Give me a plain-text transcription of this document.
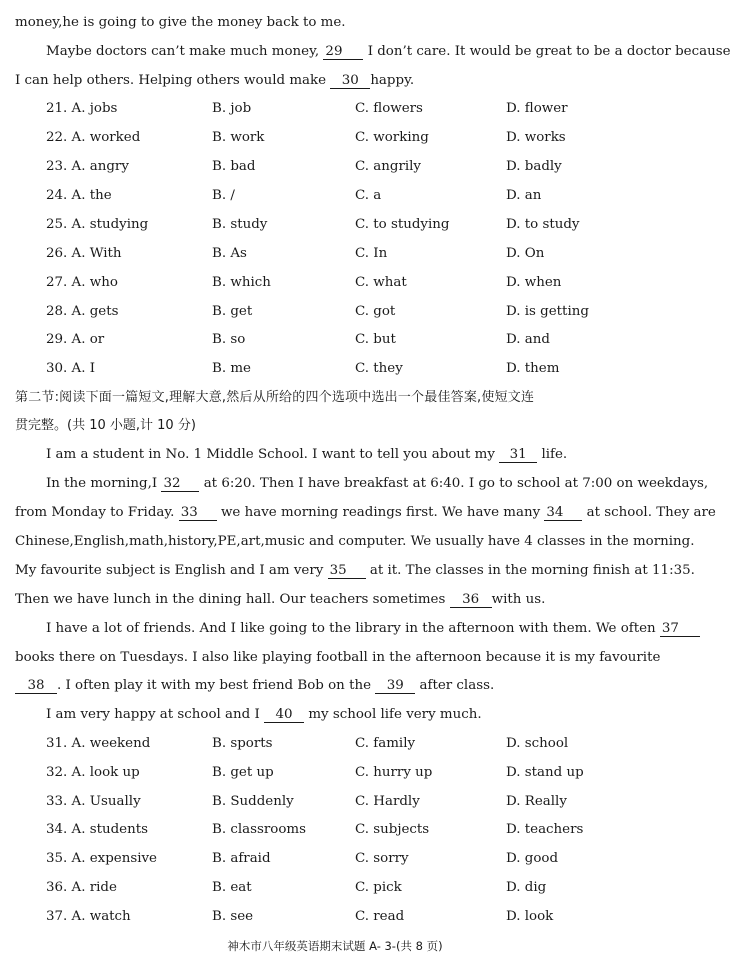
money,he is going to give the money back to me.
Maybe doctors can’t make much money, 29 I don’t care. It would be great to be a doctor because
I can help others. Helping others would make 30 happy.
21. A. jobs	B. job	C. flowers	D. flower
22. A. worked	B. work	C. working	D. works
23. A. angry	B. bad	C. angrily	D. badly
24. A. the	B. /	C. a	D. an
25. A. studying	B. study	C. to studying	D. to study
26. A. With	B. As	C. In	D. On
27. A. who	B. which	C. what	D. when
28. A. gets	B. get	C. got	D. is getting
29. A. or	B. so	C. but	D. and
30. A. I	B. me	C. they	D. them
第二节:阅读下面一篇短文,理解大意,然后从所给的四个选项中选出一个最佳答案,使短文连
贯完整。(共 10 小题,计 10 分)
I am a student in No. 1 Middle School. I want to tell you about my 31 life.
In the morning,I 32 at 6:20. Then I have breakfast at 6:40. I go to school at 7:00 on weekdays,
from Monday to Friday. 33 we have morning readings first. We have many 34 at school. They are
Chinese,English,math,history,PE,art,music and computer. We usually have 4 classes in the morning.
My favourite subject is English and I am very 35 at it. The classes in the morning finish at 11:35.
Then we have lunch in the dining hall. Our teachers sometimes 36 with us.
I have a lot of friends. And I like going to the library in the afternoon with them. We often 37
books there on Tuesdays. I also like playing football in the afternoon because it is my favourite
38 . I often play it with my best friend Bob on the 39 after class.
I am very happy at school and I 40 my school life very much.
31. A. weekend	B. sports	C. family	D. school
32. A. look up	B. get up	C. hurry up	D. stand up
33. A. Usually	B. Suddenly	C. Hardly	D. Really
34. A. students	B. classrooms	C. subjects	D. teachers
35. A. expensive	B. afraid	C. sorry	D. good
36. A. ride	B. eat	C. pick	D. dig
37. A. watch	B. see	C. read	D. look
神木市八年级英语期末试题 A- 3-(共 8 页)
